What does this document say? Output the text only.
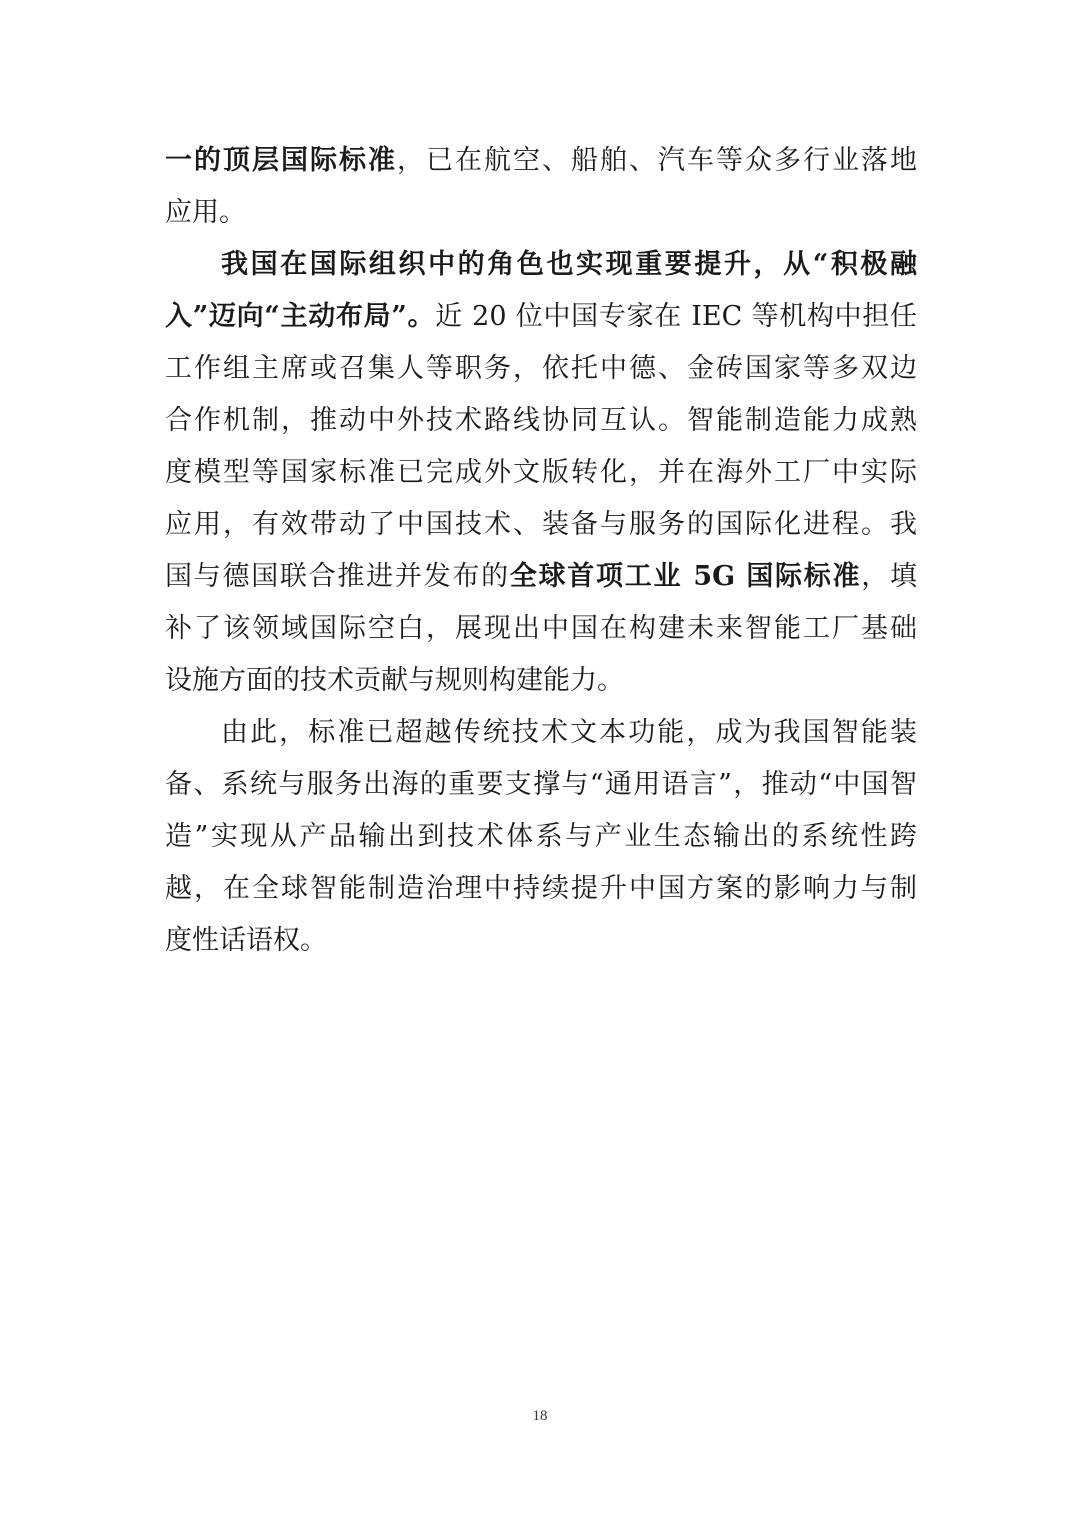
一的顶层国际标准，已在航空、船舶、汽车等众多行业落地
应用。
我国在国际组织中的角色也实现重要提升，从“积极融
入”迈向“主动布局”。近 20 位中国专家在 IEC 等机构中担任
工作组主席或召集人等职务，依托中德、金砖国家等多双边
合作机制，推动中外技术路线协同互认。智能制造能力成熟
度模型等国家标准已完成外文版转化，并在海外工厂中实际
应用，有效带动了中国技术、装备与服务的国际化进程。我
国与德国联合推进并发布的全球首项工业 5G 国际标准，填
补了该领域国际空白，展现出中国在构建未来智能工厂基础
设施方面的技术贡献与规则构建能力。
由此，标准已超越传统技术文本功能，成为我国智能装
备、系统与服务出海的重要支撑与“通用语言”，推动“中国智
造”实现从产品输出到技术体系与产业生态输出的系统性跨
越，在全球智能制造治理中持续提升中国方案的影响力与制
度性话语权。
18
